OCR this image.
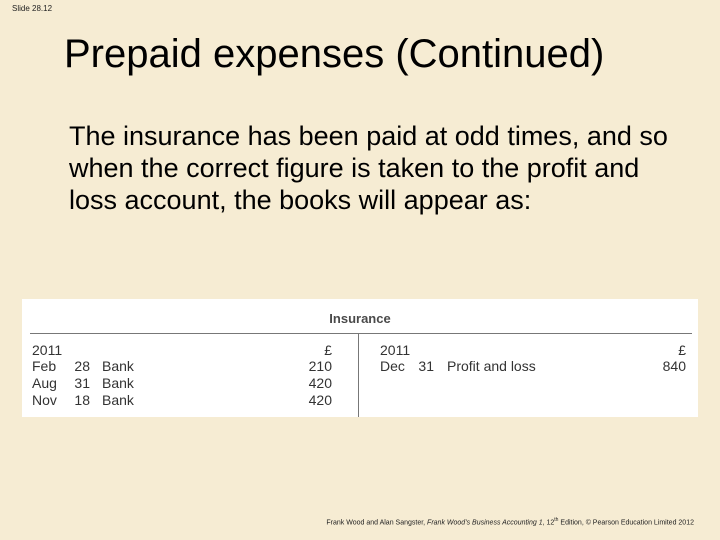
Slide 28.12
Prepaid expenses (Continued)
The insurance has been paid at odd times, and so when the correct figure is taken to the profit and loss account, the books will appear as:
Insurance
2011	£
Feb	28 Bank	210
Aug	31 Bank	420
Nov	18 Bank	420
2011	£
Dec 31 Profit and loss	840
Frank Wood and Alan Sangster, Frank Wood’s Business Accounting 1, 12th Edition, © Pearson Education Limited 2012
